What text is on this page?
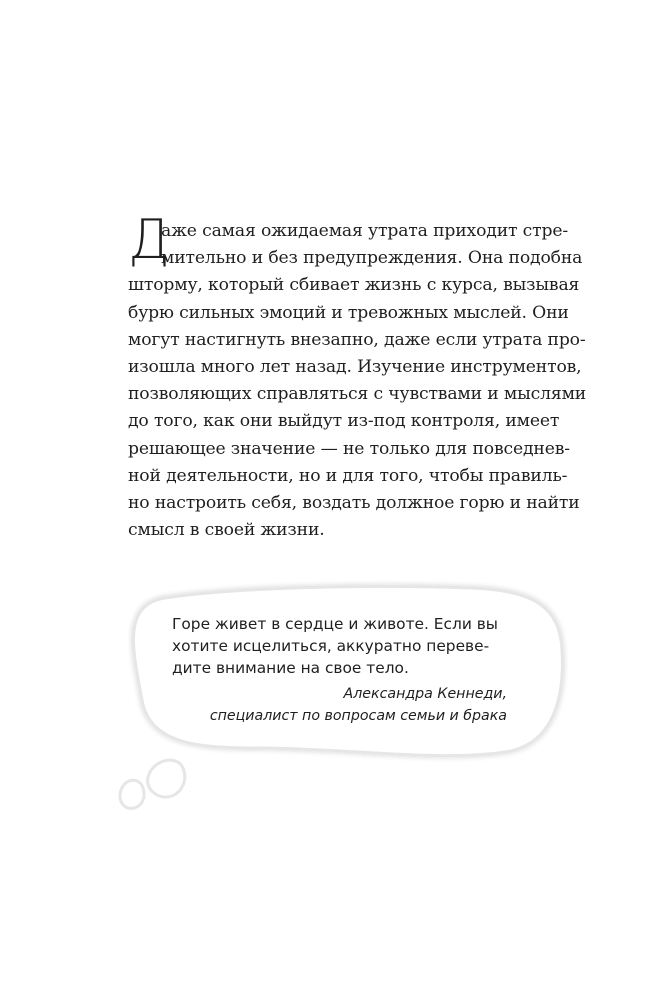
Д
аже самая ожидаемая утрата приходит стре-
мительно и без предупреждения. Она подобна
шторму, который сбивает жизнь с курса, вызывая
бурю сильных эмоций и тревожных мыслей. Они
могут настигнуть внезапно, даже если утрата про-
изошла много лет назад. Изучение инструментов,
позволяющих справляться с чувствами и мыслями
до того, как они выйдут из-под контроля, имеет
решающее значение — не только для повседнев-
ной деятельности, но и для того, чтобы правиль-
но настроить себя, воздать должное горю и найти
смысл в своей жизни.
Горе живет в сердце и животе. Если вы
хотите исцелиться, аккуратно переве-
дите внимание на свое тело.
Александра Кеннеди,
специалист по вопросам семьи и брака
